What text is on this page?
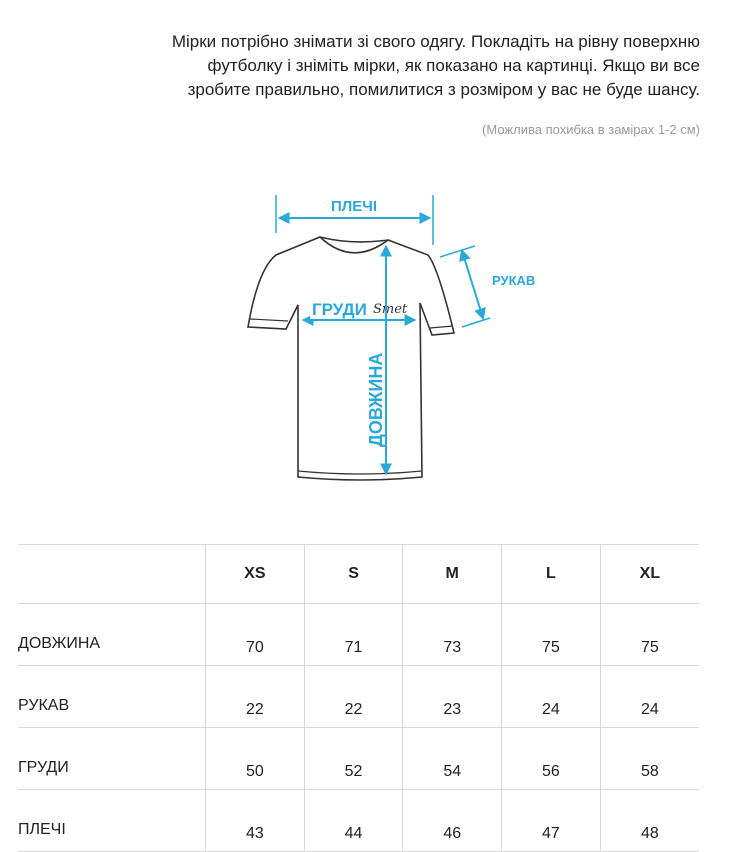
Мірки потрібно знімати зі свого одягу. Покладіть на рівну поверхню
футболку і зніміть мірки, як показано на картинці. Якщо ви все
зробите правильно, помилитися з розміром у вас не буде шансу.
(Можлива похибка в замірах 1-2 см)
ПЛЕЧІ
РУКАВ
ГРУДИ Smet
ДОВЖИНА
	XS	S	M	L	XL
ДОВЖИНА	70	71	73	75	75
РУКАВ	22	22	23	24	24
ГРУДИ	50	52	54	56	58
ПЛЕЧІ	43	44	46	47	48
